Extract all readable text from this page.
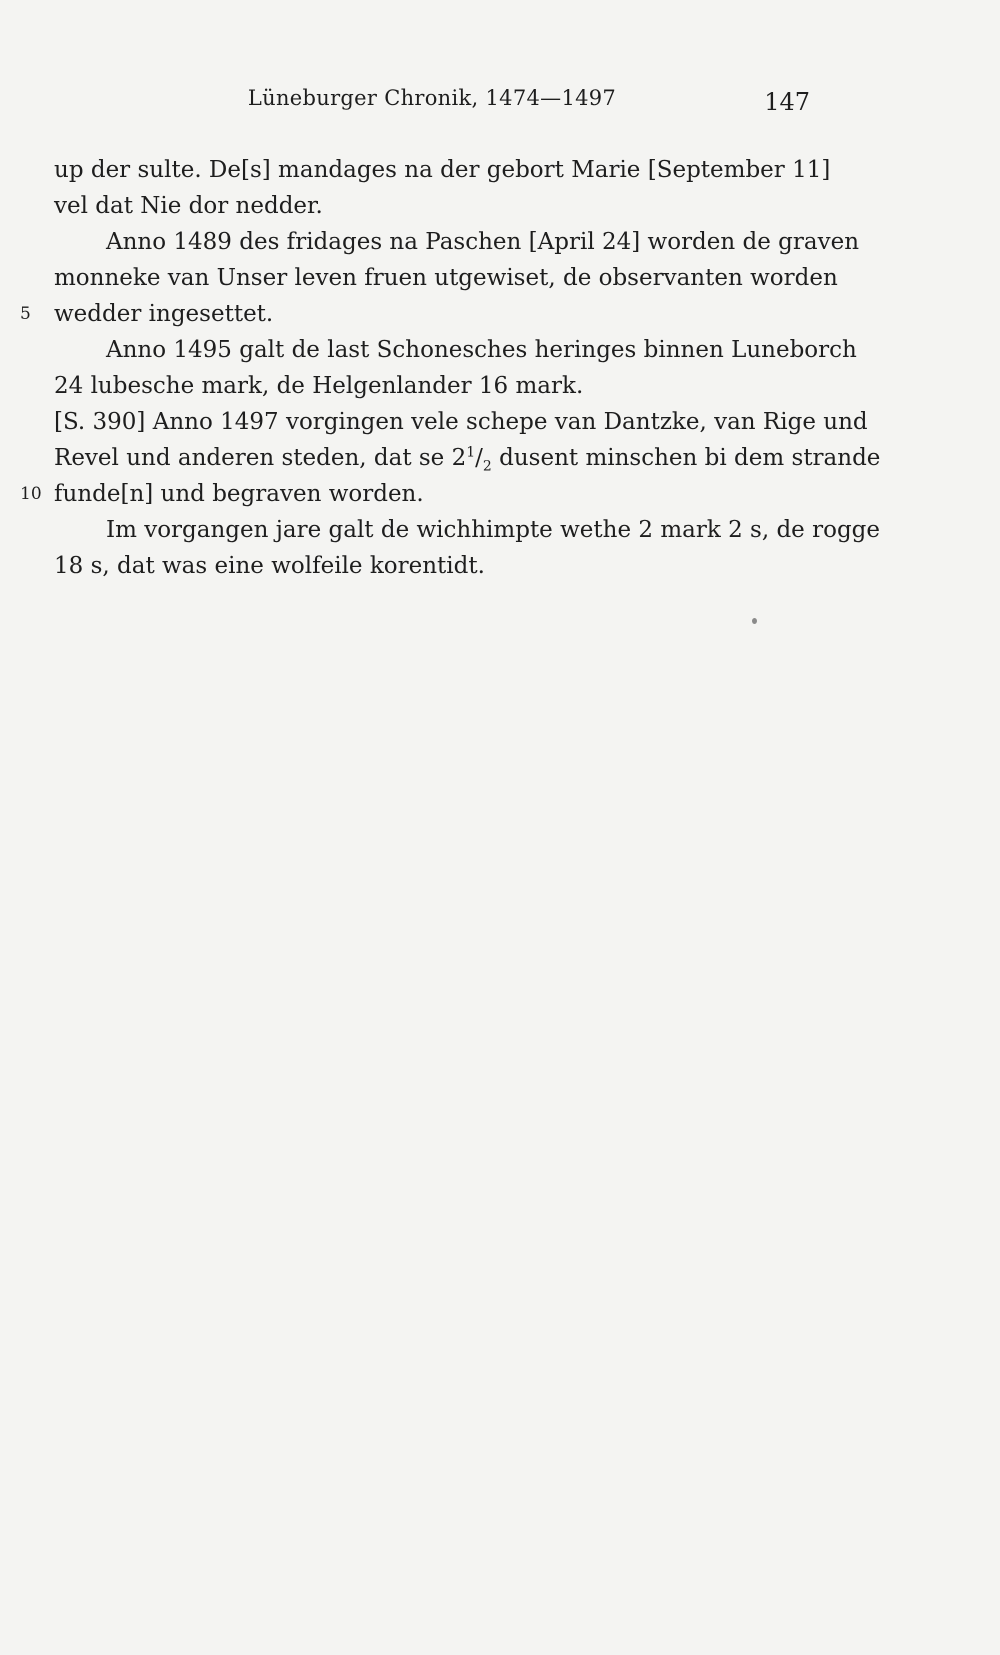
Lüneburger Chronik, 1474—1497	147
up der sulte. De[s] mandages na der gebort Marie [September 11]
vel dat Nie dor nedder.
Anno 1489 des fridages na Paschen [April 24] worden de graven
monneke van Unser leven fruen utgewiset, de observanten worden
5	wedder ingesettet.
Anno 1495 galt de last Schonesches heringes binnen Luneborch
24 lubesche mark, de Helgenlander 16 mark.
[S. 390] Anno 1497 vorgingen vele schepe van Dantzke, van Rige und
Revel und anderen steden, dat se $2^1/_2$ dusent minschen bi dem strande
10 funde[n] und begraven worden.
Im vorgangen jare galt de wichhimpte wethe 2 mark 2 s, de rogge
18 s, dat was eine wolfeile korentidt.
